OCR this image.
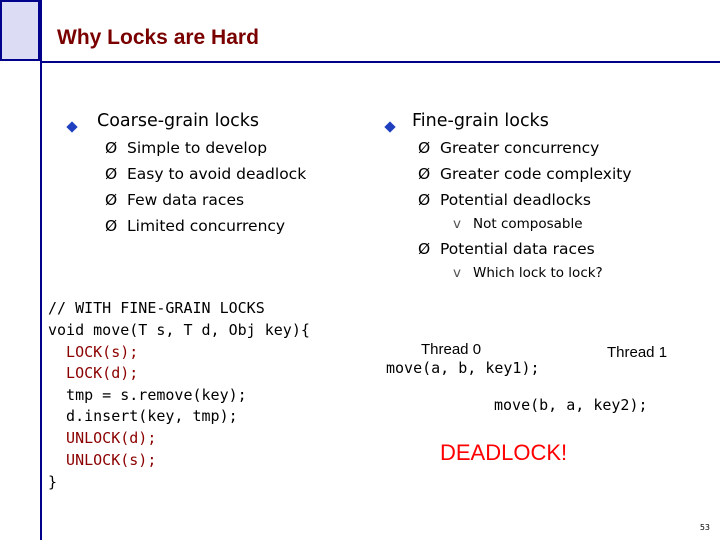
Why Locks are Hard
Coarse-grain locks
Ø Simple to develop
Ø Easy to avoid deadlock
Ø Few data races
Ø Limited concurrency
Fine-grain locks
Ø Greater concurrency
Ø Greater code complexity
Ø Potential deadlocks
v Not composable
Ø Potential data races
v Which lock to lock?
// WITH FINE-GRAIN LOCKS
void move(T s, T d, Obj key){
LOCK(s);
LOCK(d);
tmp = s.remove(key);
d.insert(key, tmp);
UNLOCK(d);
UNLOCK(s);
}
Thread 0
move(a, b, key1);
Thread 1
move(b, a, key2);
DEADLOCK!
53
